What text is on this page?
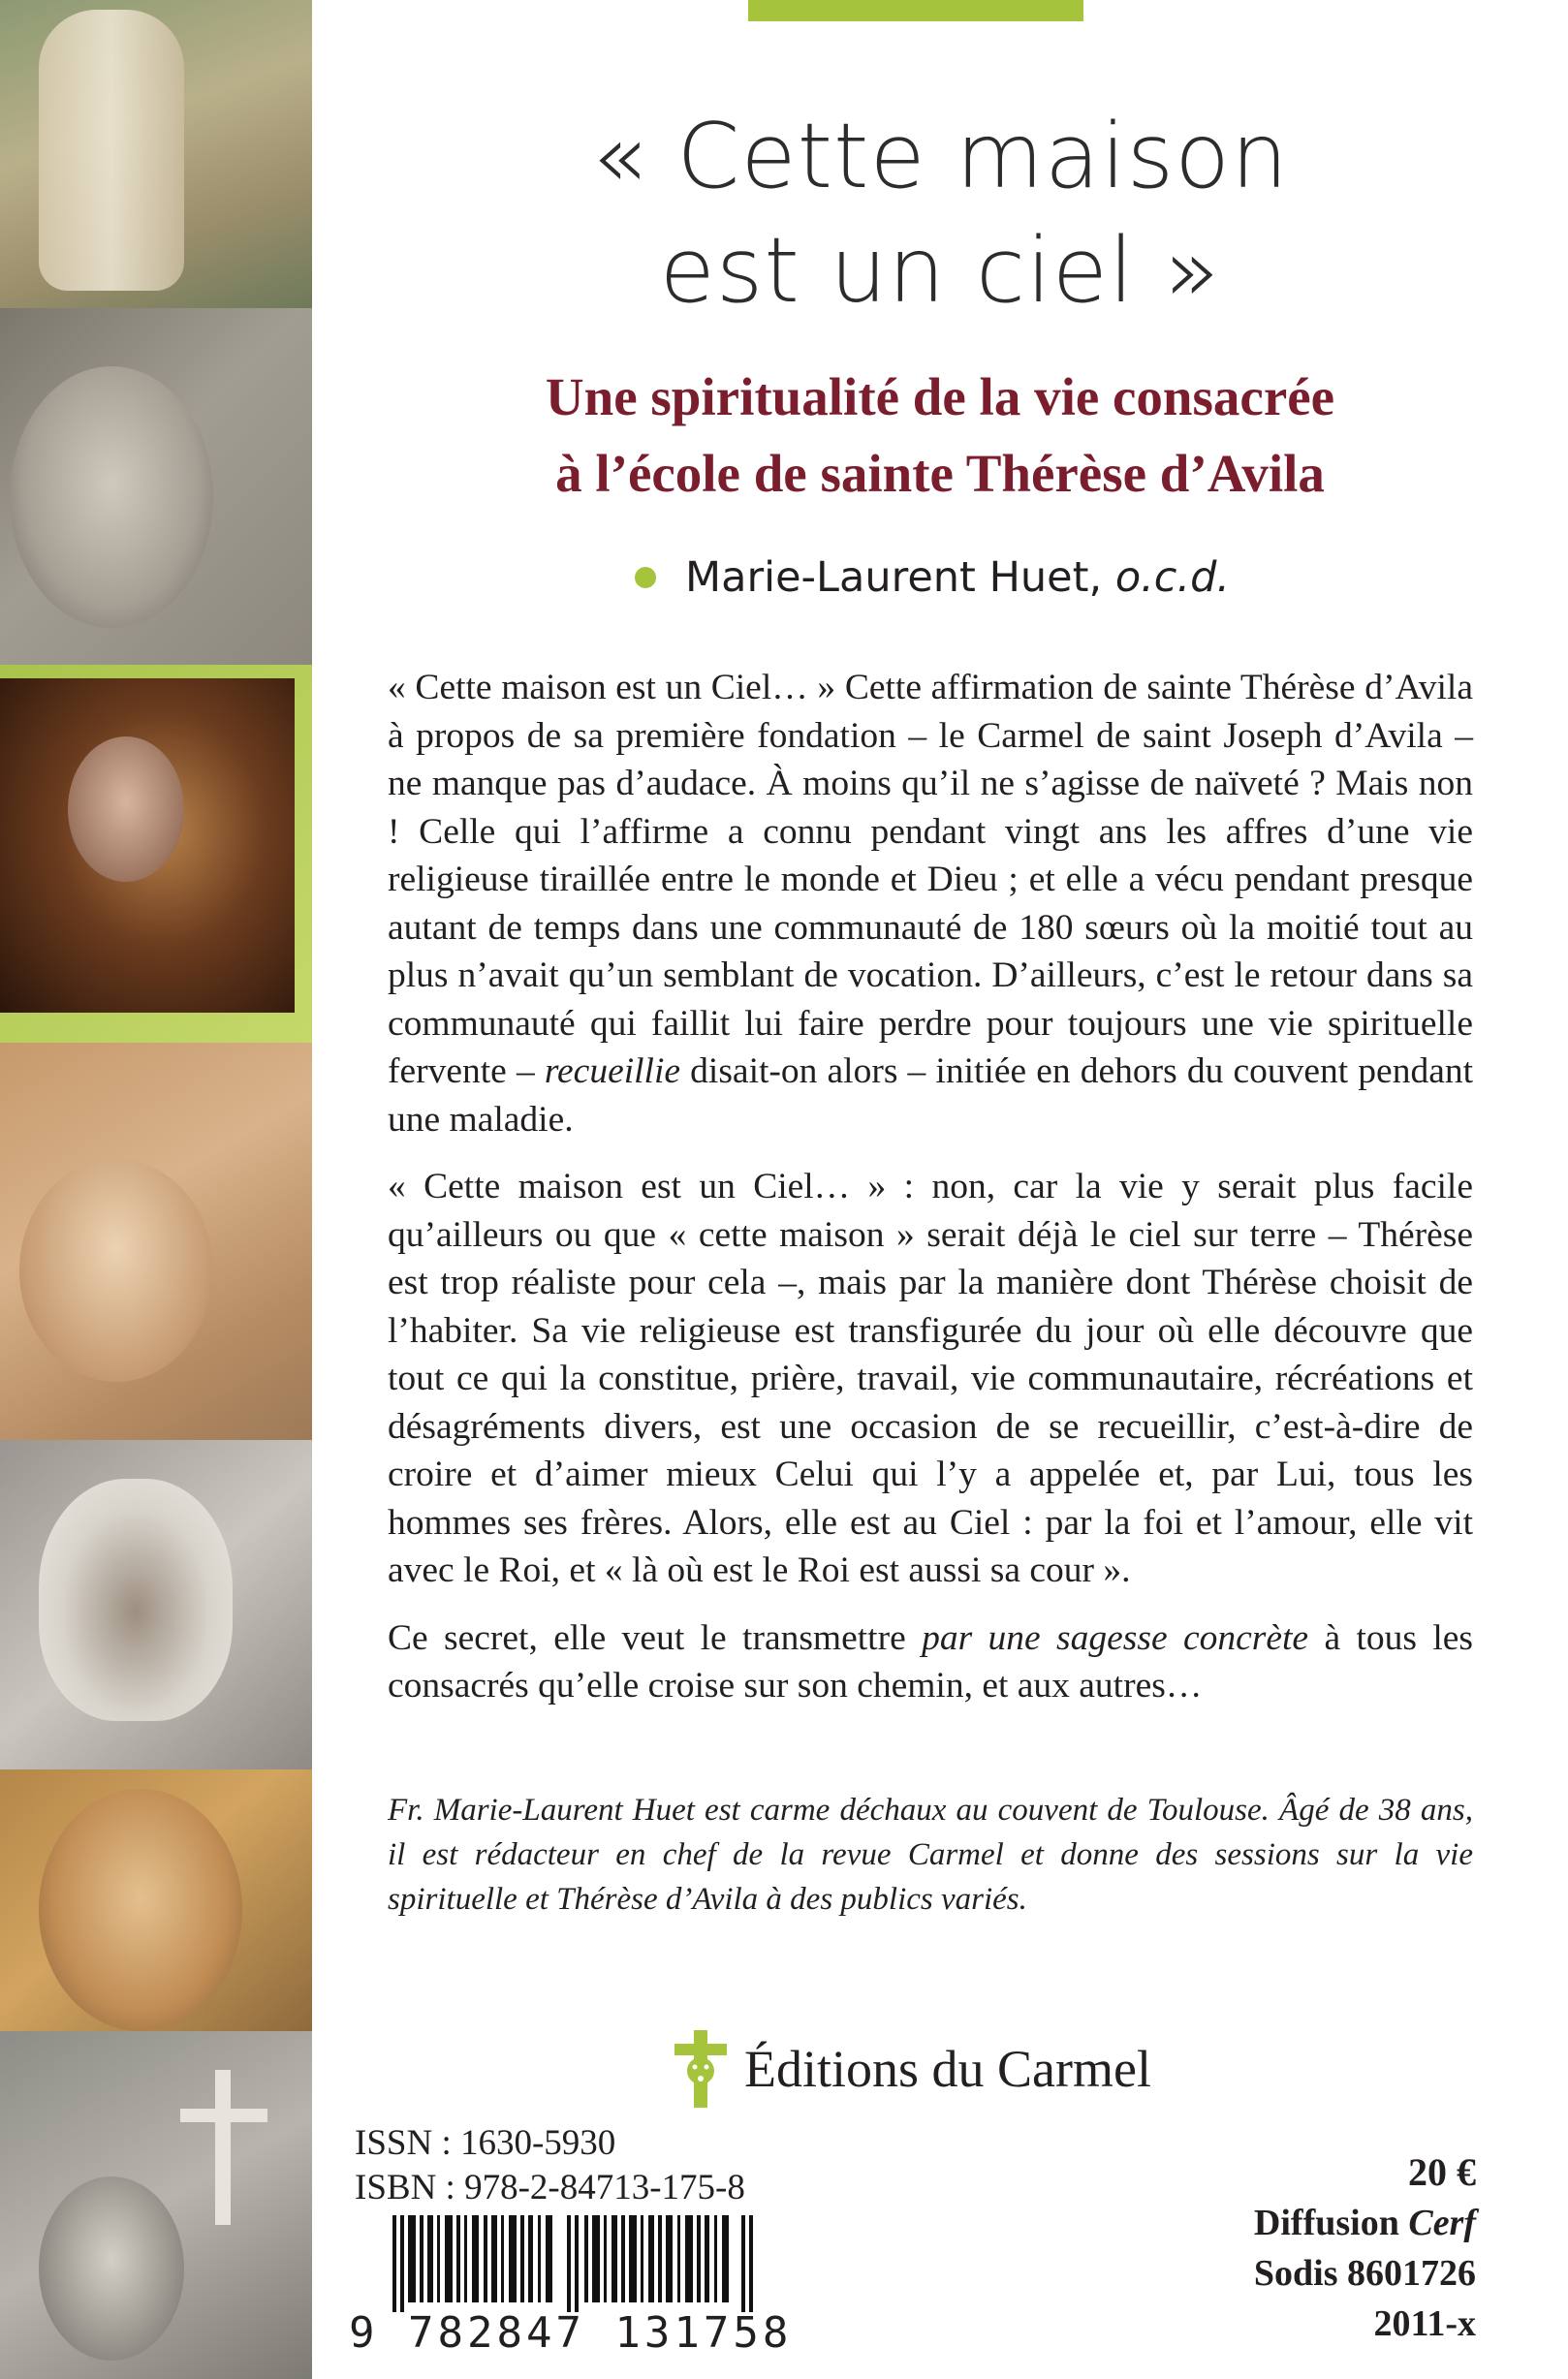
« Cette maison
est un ciel »
Une spiritualité de la vie consacrée
à l’école de sainte Thérèse d’Avila
Marie-Laurent Huet,
o.c.d.

« Cette maison est un Ciel… » Cette affirmation de sainte Thérèse d’Avila à propos de sa première fondation – le Carmel de saint Joseph d’Avila – ne manque pas d’audace. À moins qu’il ne s’agisse de naïveté ? Mais non ! Celle qui l’affirme a connu pendant vingt ans les affres d’une vie religieuse tiraillée entre le monde et Dieu ; et elle a vécu pendant presque autant de temps dans une communauté de 180 sœurs où la moitié tout au plus n’avait qu’un semblant de vocation. D’ailleurs, c’est le retour dans sa communauté qui faillit lui faire perdre pour toujours une vie spirituelle fervente – recueillie disait-on alors – initiée en dehors du couvent pendant une maladie.

« Cette maison est un Ciel… » : non, car la vie y serait plus facile qu’ailleurs ou que « cette maison » serait déjà le ciel sur terre – Thérèse est trop réaliste pour cela –, mais par la manière dont Thérèse choisit de l’habiter. Sa vie religieuse est transfigurée du jour où elle découvre que tout ce qui la constitue, prière, travail, vie communautaire, récréations et désagréments divers, est une occasion de se recueillir, c’est-à-dire de croire et d’aimer mieux Celui qui l’y a appelée et, par Lui, tous les hommes ses frères. Alors, elle est au Ciel : par la foi et l’amour, elle vit avec le Roi, et « là où est le Roi est aussi sa cour ».

Ce secret, elle veut le transmettre par une sagesse concrète à tous les consacrés qu’elle croise sur son chemin, et aux autres…

Fr. Marie-Laurent Huet est carme déchaux au couvent de Toulouse. Âgé de 38 ans, il est rédacteur en chef de la revue Carmel et donne des sessions sur la vie spirituelle et Thérèse d’Avila à des publics variés.

Éditions du Carmel
ISSN : 1630-5930
ISBN : 978-2-84713-175-8
9 782847 131758
20 €
Diffusion Cerf
Sodis 8601726
2011-x
